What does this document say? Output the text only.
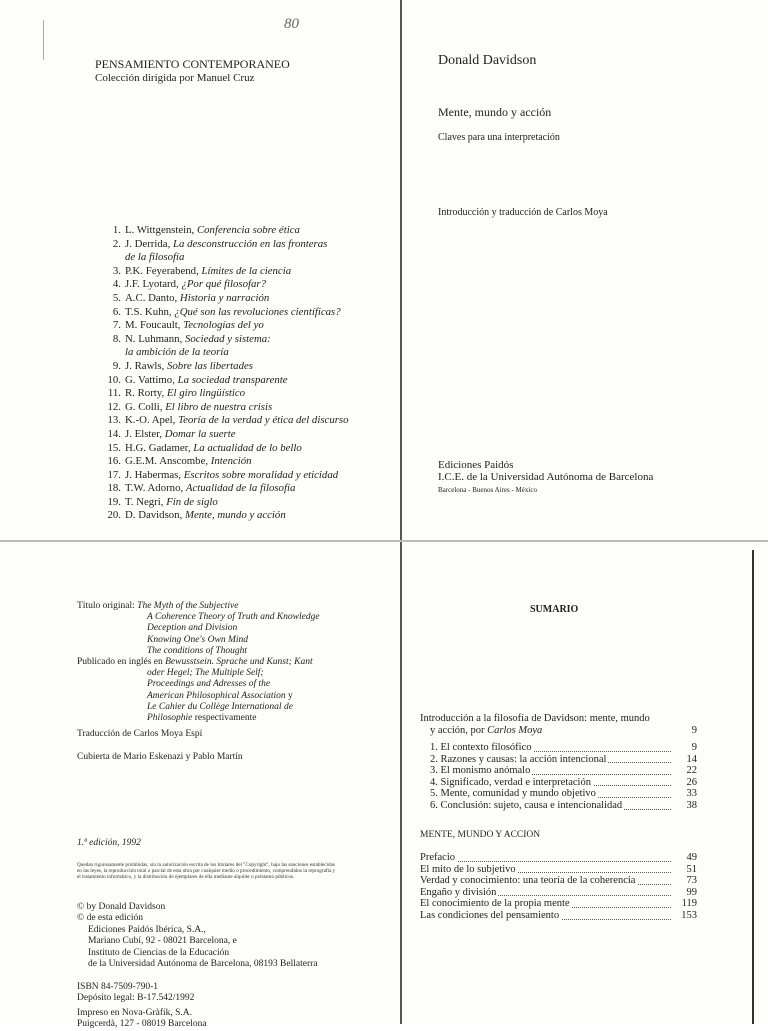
80
PENSAMIENTO CONTEMPORANEO
Colección dirigida por Manuel Cruz
1. L. Wittgenstein, Conferencia sobre ética
2. J. Derrida, La desconstrucción en las fronteras
de la filosofía
3. P.K. Feyerabend, Límites de la ciencia
4. J.F. Lyotard, ¿Por qué filosofar?
5. A.C. Danto, Historia y narración
6. T.S. Kuhn, ¿Qué son las revoluciones científicas?
7. M. Foucault, Tecnologías del yo
8. N. Luhmann, Sociedad y sistema:
la ambición de la teoría
9. J. Rawls, Sobre las libertades
10. G. Vattimo, La sociedad transparente
11. R. Rorty, El giro lingüístico
12. G. Colli, El libro de nuestra crisis
13. K.-O. Apel, Teoría de la verdad y ética del discurso
14. J. Elster, Domar la suerte
15. H.G. Gadamer, La actualidad de lo bello
16. G.E.M. Anscombe, Intención
17. J. Habermas, Escritos sobre moralidad y eticidad
18. T.W. Adorno, Actualidad de la filosofía
19. T. Negri, Fin de siglo
20. D. Davidson, Mente, mundo y acción
Donald Davidson
Mente, mundo y acción
Claves para una interpretación
Introducción y traducción de Carlos Moya
Ediciones Paidós
I.C.E. de la Universidad Autónoma de Barcelona
Barcelona - Buenos Aires - México
Título original: The Myth of the Subjective
A Coherence Theory of Truth and Knowledge
Deception and Division
Knowing One's Own Mind
The conditions of Thought
Publicado en inglés en Bewusstsein. Sprache und Kunst; Kant
oder Hegel; The Multiple Self;
Proceedings and Adresses of the
American Philosophical Association y
Le Cahier du Collège International de
Philosophie respectivamente
Traducción de Carlos Moya Espí
Cubierta de Mario Eskenazi y Pablo Martín
1.ª edición, 1992
Quedan rigurosamente prohibidas, sin la autorización escrita de los titulares del "Copyright", bajo las sanciones establecidas en las leyes, la reproducción total o parcial de esta obra por cualquier medio o procedimiento, comprendidos la reprografía y el tratamiento informático, y la distribución de ejemplares de ella mediante alquiler o préstamo públicos.
© by Donald Davidson
© de esta edición
Ediciones Paidós Ibérica, S.A.,
Mariano Cubí, 92 - 08021 Barcelona, e
Instituto de Ciencias de la Educación
de la Universidad Autónoma de Barcelona, 08193 Bellaterra
ISBN 84-7509-790-1
Depósito legal: B-17.542/1992
Impreso en Nova-Gràfik, S.A.
Puigcerdà, 127 - 08019 Barcelona
SUMARIO
Introducción a la filosofía de Davidson: mente, mundo
y acción, por Carlos Moya	9
1. El contexto filosófico	9
2. Razones y causas: la acción intencional	14
3. El monismo anómalo	22
4. Significado, verdad e interpretación	26
5. Mente, comunidad y mundo objetivo	33
6. Conclusión: sujeto, causa e intencionalidad	38
MENTE, MUNDO Y ACCION
Prefacio	49
El mito de lo subjetivo	51
Verdad y conocimiento: una teoría de la coherencia	73
Engaño y división	99
El conocimiento de la propia mente	119
Las condiciones del pensamiento	153
